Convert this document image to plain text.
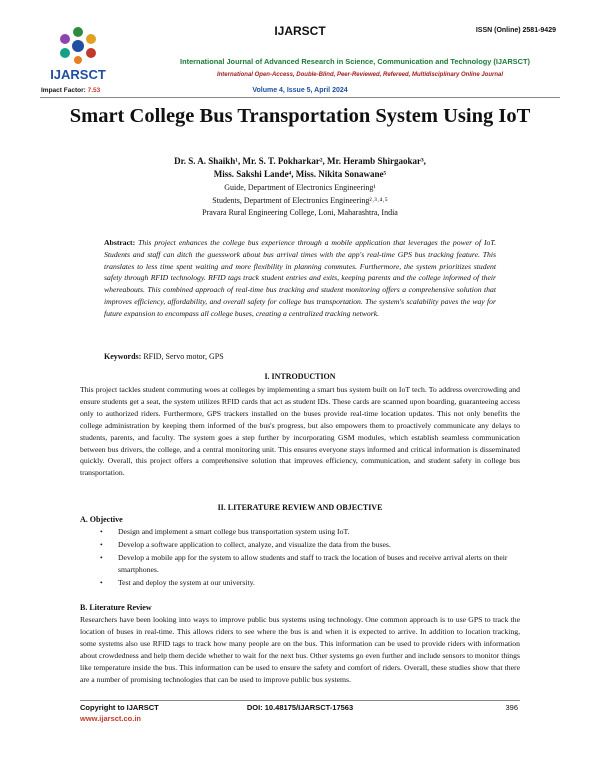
IJARSCT	ISSN (Online) 2581-9429
IJARSCT
International Journal of Advanced Research in Science, Communication and Technology (IJARSCT)
International Open-Access, Double-Blind, Peer-Reviewed, Refereed, Multidisciplinary Online Journal
Impact Factor: 7.53	Volume 4, Issue 5, April 2024
Smart College Bus Transportation System Using IoT
Dr. S. A. Shaikh¹, Mr. S. T. Pokharkar², Mr. Heramb Shirgaokar³,
Miss. Sakshi Lande⁴, Miss. Nikita Sonawane⁵
Guide, Department of Electronics Engineering¹
Students, Department of Electronics Engineering²˒³˒⁴˒⁵
Pravara Rural Engineering College, Loni, Maharashtra, India
Abstract: This project enhances the college bus experience through a mobile application that leverages the power of IoT. Students and staff can ditch the guesswork about bus arrival times with the app's real-time GPS bus tracking feature. This translates to less time spent waiting and more flexibility in planning commutes. Furthermore, the system prioritizes student safety through RFID technology. RFID tags track student entries and exits, keeping parents and the college informed of their whereabouts. This combined approach of real-time bus tracking and student monitoring offers a comprehensive solution that improves efficiency, affordability, and overall safety for college bus transportation. The system's scalability paves the way for future expansion to encompass all college buses, creating a centralized tracking network.
Keywords: RFID, Servo motor, GPS
I. INTRODUCTION
This project tackles student commuting woes at colleges by implementing a smart bus system built on IoT tech. To address overcrowding and ensure students get a seat, the system utilizes RFID cards that act as student IDs. These cards are scanned upon boarding, guaranteeing access only to authorized riders. Furthermore, GPS trackers installed on the buses provide real-time location updates. This not only benefits the college administration by keeping them informed of the bus's progress, but also empowers them to proactively communicate any delays to students, parents, and faculty. The system goes a step further by incorporating GSM modules, which establish seamless communication between bus drivers, the college, and a central monitoring unit. This ensures everyone stays informed and critical information is disseminated quickly. Overall, this project offers a comprehensive solution that improves efficiency, communication, and student safety in college bus transportation.
II. LITERATURE REVIEW AND OBJECTIVE
A. Objective
• Design and implement a smart college bus transportation system using IoT.
• Develop a software application to collect, analyze, and visualize the data from the buses.
• Develop a mobile app for the system to allow students and staff to track the location of buses and receive arrival alerts on their smartphones.
• Test and deploy the system at our university.
B. Literature Review
Researchers have been looking into ways to improve public bus systems using technology. One common approach is to use GPS to track the location of buses in real-time. This allows riders to see where the bus is and when it is expected to arrive. In addition to location tracking, some systems also use RFID tags to track how many people are on the bus. This information can be used to provide riders with information about crowdedness and help them decide whether to wait for the next bus. Other systems go even further and include sensors to monitor things like temperature inside the bus. This information can be used to ensure the safety and comfort of riders. Overall, these studies show that there are a number of promising technologies that can be used to improve public bus systems.
Copyright to IJARSCT
www.ijarsct.co.in
DOI: 10.48175/IJARSCT-17563	396
